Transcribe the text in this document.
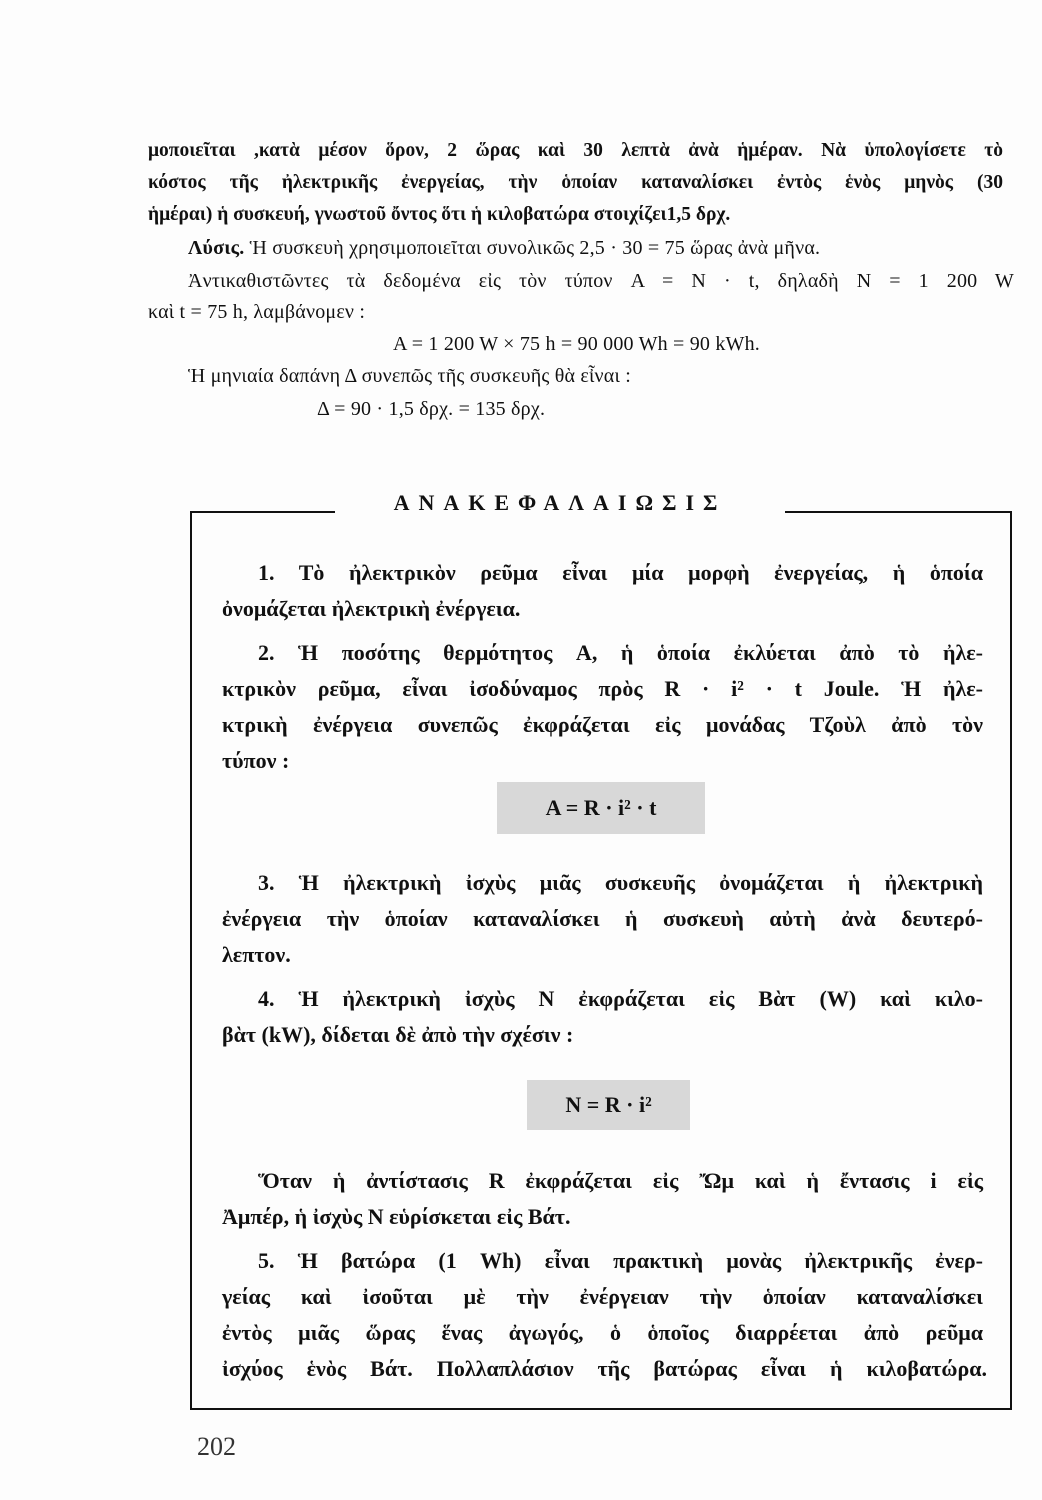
μοποιεῖται ,κατὰ μέσον ὅρον, 2 ὥρας καὶ 30 λεπτὰ ἀνὰ ἡμέραν. Νὰ ὑπολογίσετε τὸ
κόστος τῆς ἠλεκτρικῆς ἐνεργείας, τὴν ὁποίαν καταναλίσκει ἐντὸς ἑνὸς μηνὸς (30
ἡμέραι) ἡ συσκευή, γνωστοῦ ὄντος ὅτι ἡ κιλοβατώρα στοιχίζει1,5 δρχ.
Λύσις. Ἡ συσκευὴ χρησιμοποιεῖται συνολικῶς 2,5 · 30 = 75 ὥρας ἀνὰ μῆνα.
Ἀντικαθιστῶντες τὰ δεδομένα εἰς τὸν τύπον A = N · t, δηλαδὴ N = 1 200 W
καὶ t = 75 h, λαμβάνομεν :
A = 1 200 W × 75 h = 90 000 Wh = 90 kWh.
Ἡ μηνιαία δαπάνη Δ συνεπῶς τῆς συσκευῆς θὰ εἶναι :
Δ = 90 · 1,5 δρχ. = 135 δρχ.
ΑΝΑΚΕΦΑΛΑΙΩΣΙΣ
1. Τὸ ἠλεκτρικὸν ρεῦμα εἶναι μία μορφὴ ἐνεργείας, ἡ ὁποία
ὀνομάζεται ἠλεκτρικὴ ἐνέργεια.
2. Ἡ ποσότης θερμότητος A, ἡ ὁποία ἐκλύεται ἀπὸ τὸ ἠλε-
κτρικὸν ρεῦμα, εἶναι ἰσοδύναμος πρὸς R · i² · t Joule. Ἡ ἠλε-
κτρικὴ ἐνέργεια συνεπῶς ἐκφράζεται εἰς μονάδας Τζοὺλ ἀπὸ τὸν
τύπον :
A = R · i² · t
3. Ἡ ἠλεκτρικὴ ἰσχὺς μιᾶς συσκευῆς ὀνομάζεται ἡ ἠλεκτρικὴ
ἐνέργεια τὴν ὁποίαν καταναλίσκει ἡ συσκευὴ αὐτὴ ἀνὰ δευτερό-
λεπτον.
4. Ἡ ἠλεκτρικὴ ἰσχὺς N ἐκφράζεται εἰς Βὰτ (W) καὶ κιλο-
βὰτ (kW), δίδεται δὲ ἀπὸ τὴν σχέσιν :
N = R · i²
Ὅταν ἡ ἀντίστασις R ἐκφράζεται εἰς Ὤμ καὶ ἡ ἔντασις i εἰς
Ἀμπέρ, ἡ ἰσχὺς N εὑρίσκεται εἰς Βάτ.
5. Ἡ βατώρα (1 Wh) εἶναι πρακτικὴ μονὰς ἠλεκτρικῆς ἐνερ-
γείας καὶ ἰσοῦται μὲ τὴν ἐνέργειαν τὴν ὁποίαν καταναλίσκει
ἐντὸς μιᾶς ὥρας ἕνας ἀγωγός, ὁ ὁποῖος διαρρέεται ἀπὸ ρεῦμα
ἰσχύος ἑνὸς Βάτ. Πολλαπλάσιον τῆς βατώρας εἶναι ἡ κιλοβατώρα.
202
